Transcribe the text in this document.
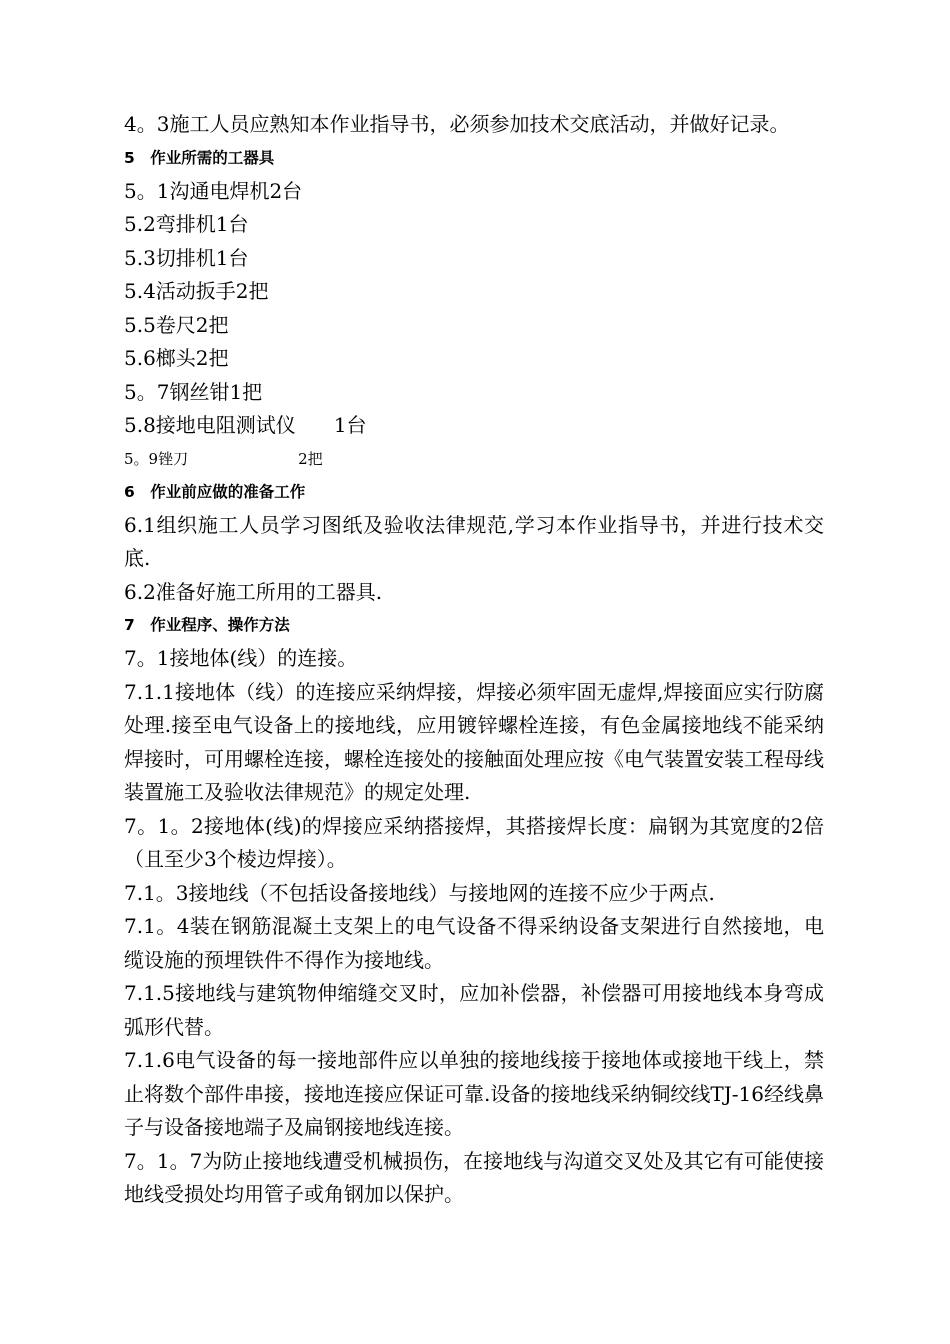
4。3施工人员应熟知本作业指导书，必须参加技术交底活动，并做好记录。

5　作业所需的工器具

5。1沟通电焊机2台

5.2弯排机1台

5.3切排机1台

5.4活动扳手2把

5.5卷尺2把

5.6榔头2把

5。7钢丝钳1把

5.8接地电阻测试仪 1台

5。9锉刀	2把

6　作业前应做的准备工作

6.1组织施工人员学习图纸及验收法律规范,学习本作业指导书，并进行技术交底.

6.2准备好施工所用的工器具.

7　作业程序、操作方法

7。1接地体(线）的连接。

7.1.1接地体（线）的连接应采纳焊接，焊接必须牢固无虚焊,焊接面应实行防腐处理.接至电气设备上的接地线，应用镀锌螺栓连接，有色金属接地线不能采纳焊接时，可用螺栓连接，螺栓连接处的接触面处理应按《电气装置安装工程母线装置施工及验收法律规范》的规定处理.

7。1。2接地体(线)的焊接应采纳搭接焊，其搭接焊长度：扁钢为其宽度的2倍（且至少3个棱边焊接）。

7.1。3接地线（不包括设备接地线）与接地网的连接不应少于两点.

7.1。4装在钢筋混凝土支架上的电气设备不得采纳设备支架进行自然接地，电缆设施的预埋铁件不得作为接地线。

7.1.5接地线与建筑物伸缩缝交叉时，应加补偿器，补偿器可用接地线本身弯成弧形代替。

7.1.6电气设备的每一接地部件应以单独的接地线接于接地体或接地干线上，禁止将数个部件串接，接地连接应保证可靠.设备的接地线采纳铜绞线TJ-16经线鼻子与设备接地端子及扁钢接地线连接。

7。1。7为防止接地线遭受机械损伤，在接地线与沟道交叉处及其它有可能使接地线受损处均用管子或角钢加以保护。
